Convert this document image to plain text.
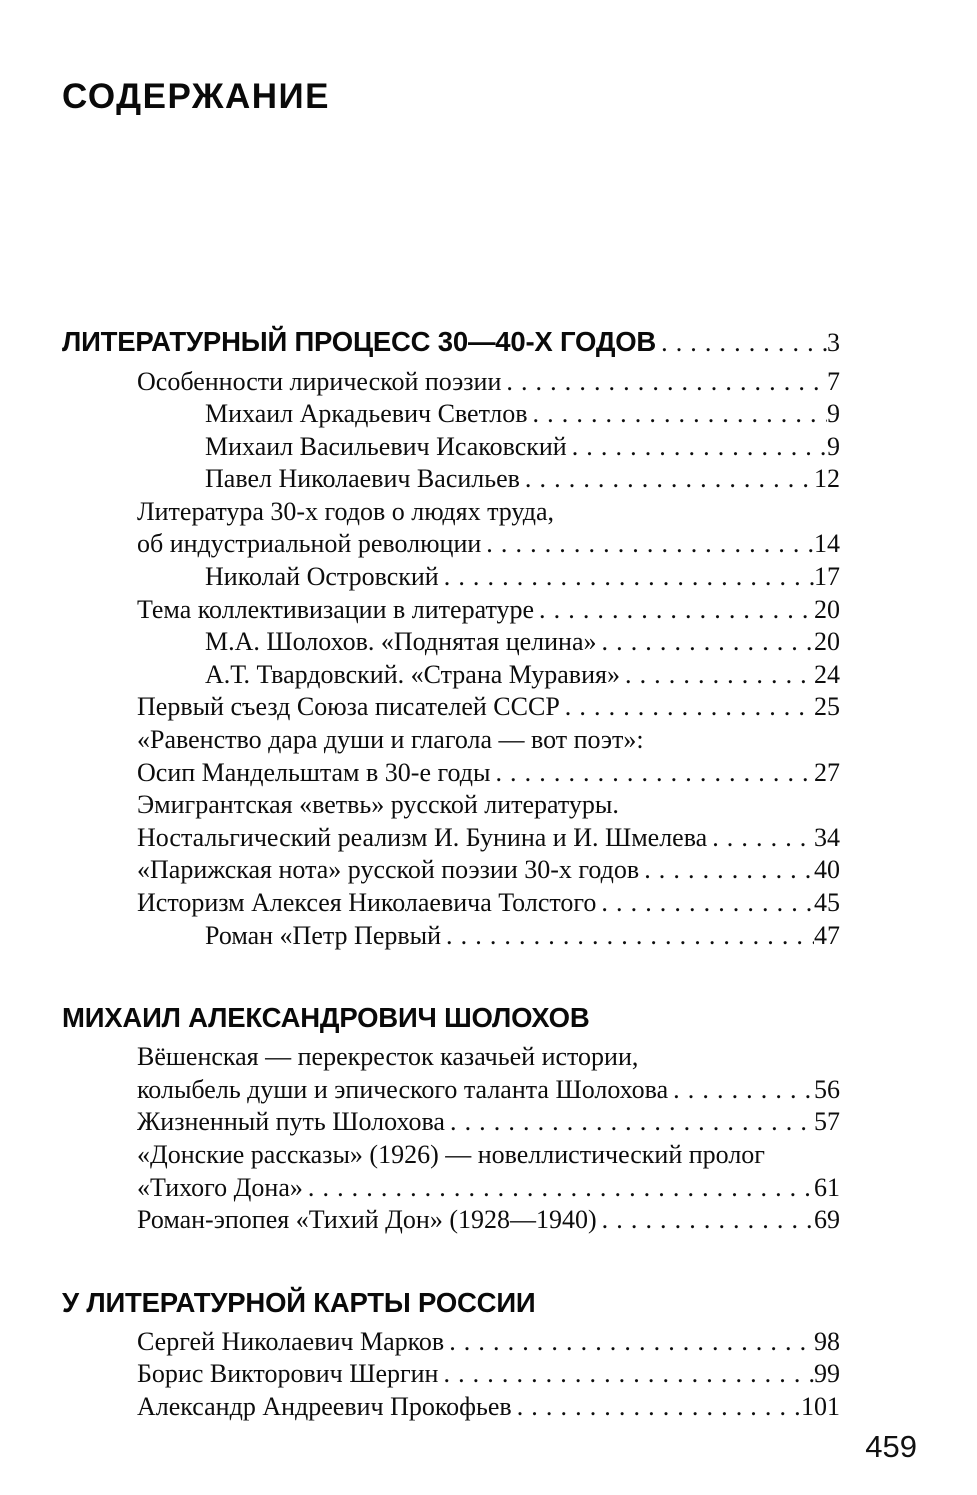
СОДЕРЖАНИЕ
ЛИТЕРАТУРНЫЙ ПРОЦЕСС 30—40-Х ГОДОВ . . .	3
Особенности лирической поэзии . . .	7
Михаил Аркадьевич Светлов . . .	9
Михаил Васильевич Исаковский . . .	9
Павел Николаевич Васильев . . .	12
Литература 30-х годов о людях труда,
об индустриальной революции . . .	14
Николай Островский . . .	17
Тема коллективизации в литературе . . .	20
М.А. Шолохов. «Поднятая целина» . . .	20
А.Т. Твардовский. «Страна Муравия» . . .	24
Первый съезд Союза писателей СССР . . .	25
«Равенство дара души и глагола — вот поэт»:
Осип Мандельштам в 30-е годы . . .	27
Эмигрантская «ветвь» русской литературы.
Ностальгический реализм И. Бунина и И. Шмелева . . .	34
«Парижская нота» русской поэзии 30-х годов . . .	40
Историзм Алексея Николаевича Толстого . . .	45
Роман «Петр Первый . . .	47
МИХАИЛ АЛЕКСАНДРОВИЧ ШОЛОХОВ
Вёшенская — перекресток казачьей истории,
колыбель души и эпического таланта Шолохова . . .	56
Жизненный путь Шолохова . . .	57
«Донские рассказы» (1926) — новеллистический пролог
«Тихого Дона» . . .	61
Роман-эпопея «Тихий Дон» (1928—1940) . . .	69
У ЛИТЕРАТУРНОЙ КАРТЫ РОССИИ
Сергей Николаевич Марков . . .	98
Борис Викторович Шергин . . .	99
Александр Андреевич Прокофьев . . .	101
459
